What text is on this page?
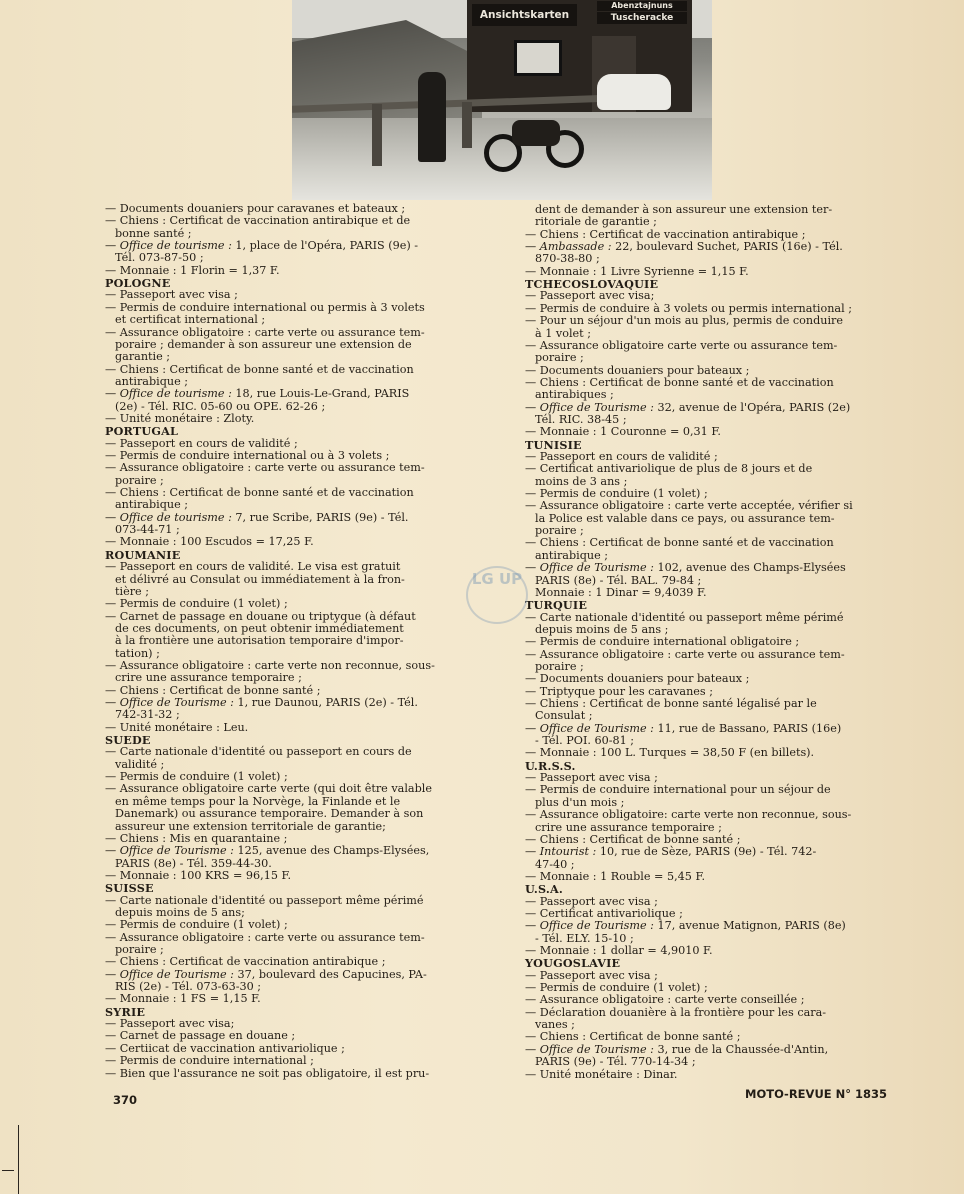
Ansichtskarten
Abenztajnuns
Tuscheracke
— Documents douaniers pour caravanes et bateaux ;
— Chiens : Certificat de vaccination antirabique et de
bonne santé ;
— Office de tourisme : 1, place de l'Opéra, PARIS (9e) -
Tél. 073-87-50 ;
— Monnaie : 1 Florin = 1,37 F.
POLOGNE
— Passeport avec visa ;
— Permis de conduire international ou permis à 3 volets
et certificat international ;
— Assurance obligatoire : carte verte ou assurance tem-
poraire ; demander à son assureur une extension de
garantie ;
— Chiens : Certificat de bonne santé et de vaccination
antirabique ;
— Office de tourisme : 18, rue Louis-Le-Grand, PARIS
(2e) - Tél. RIC. 05-60 ou OPE. 62-26 ;
— Unité monétaire : Zloty.
PORTUGAL
— Passeport en cours de validité ;
— Permis de conduire international ou à 3 volets ;
— Assurance obligatoire : carte verte ou assurance tem-
poraire ;
— Chiens : Certificat de bonne santé et de vaccination
antirabique ;
— Office de tourisme : 7, rue Scribe, PARIS (9e) - Tél.
073-44-71 ;
— Monnaie : 100 Escudos = 17,25 F.
ROUMANIE
— Passeport en cours de validité. Le visa est gratuit
et délivré au Consulat ou immédiatement à la fron-
tière ;
— Permis de conduire (1 volet) ;
— Carnet de passage en douane ou triptyque (à défaut
de ces documents, on peut obtenir immédiatement
à la frontière une autorisation temporaire d'impor-
tation) ;
— Assurance obligatoire : carte verte non reconnue, sous-
crire une assurance temporaire ;
— Chiens : Certificat de bonne santé ;
— Office de Tourisme : 1, rue Daunou, PARIS (2e) - Tél.
742-31-32 ;
— Unité monétaire : Leu.
SUEDE
— Carte nationale d'identité ou passeport en cours de
validité ;
— Permis de conduire (1 volet) ;
— Assurance obligatoire carte verte (qui doit être valable
en même temps pour la Norvège, la Finlande et le
Danemark) ou assurance temporaire. Demander à son
assureur une extension territoriale de garantie;
— Chiens : Mis en quarantaine ;
— Office de Tourisme : 125, avenue des Champs-Elysées,
PARIS (8e) - Tél. 359-44-30.
— Monnaie : 100 KRS = 96,15 F.
SUISSE
— Carte nationale d'identité ou passeport même périmé
depuis moins de 5 ans;
— Permis de conduire (1 volet) ;
— Assurance obligatoire : carte verte ou assurance tem-
poraire ;
— Chiens : Certificat de vaccination antirabique ;
— Office de Tourisme : 37, boulevard des Capucines, PA-
RIS (2e) - Tél. 073-63-30 ;
— Monnaie : 1 FS = 1,15 F.
SYRIE
— Passeport avec visa;
— Carnet de passage en douane ;
— Certiicat de vaccination antivariolique ;
— Permis de conduire international ;
— Bien que l'assurance ne soit pas obligatoire, il est pru-
dent de demander à son assureur une extension ter-
ritoriale de garantie ;
— Chiens : Certificat de vaccination antirabique ;
— Ambassade : 22, boulevard Suchet, PARIS (16e) - Tél.
870-38-80 ;
— Monnaie : 1 Livre Syrienne = 1,15 F.
TCHECOSLOVAQUIE
— Passeport avec visa;
— Permis de conduire à 3 volets ou permis international ;
— Pour un séjour d'un mois au plus, permis de conduire
à 1 volet ;
— Assurance obligatoire carte verte ou assurance tem-
poraire ;
— Documents douaniers pour bateaux ;
— Chiens : Certificat de bonne santé et de vaccination
antirabiques ;
— Office de Tourisme : 32, avenue de l'Opéra, PARIS (2e)
Tél. RIC. 38-45 ;
— Monnaie : 1 Couronne = 0,31 F.
TUNISIE
— Passeport en cours de validité ;
— Certificat antivariolique de plus de 8 jours et de
moins de 3 ans ;
— Permis de conduire (1 volet) ;
— Assurance obligatoire : carte verte acceptée, vérifier si
la Police est valable dans ce pays, ou assurance tem-
poraire ;
— Chiens : Certificat de bonne santé et de vaccination
antirabique ;
— Office de Tourisme : 102, avenue des Champs-Elysées
PARIS (8e) - Tél. BAL. 79-84 ;
Monnaie : 1 Dinar = 9,4039 F.
TURQUIE
— Carte nationale d'identité ou passeport même périmé
depuis moins de 5 ans ;
— Permis de conduire international obligatoire ;
— Assurance obligatoire : carte verte ou assurance tem-
poraire ;
— Documents douaniers pour bateaux ;
— Triptyque pour les caravanes ;
— Chiens : Certificat de bonne santé légalisé par le
Consulat ;
— Office de Tourisme : 11, rue de Bassano, PARIS (16e)
- Tél. POI. 60-81 ;
— Monnaie : 100 L. Turques = 38,50 F (en billets).
U.R.S.S.
— Passeport avec visa ;
— Permis de conduire international pour un séjour de
plus d'un mois ;
— Assurance obligatoire: carte verte non reconnue, sous-
crire une assurance temporaire ;
— Chiens : Certificat de bonne santé ;
— Intourist : 10, rue de Sèze, PARIS (9e) - Tél. 742-
47-40 ;
— Monnaie : 1 Rouble = 5,45 F.
U.S.A.
— Passeport avec visa ;
— Certificat antivariolique ;
— Office de Tourisme : 17, avenue Matignon, PARIS (8e)
- Tél. ELY. 15-10 ;
— Monnaie : 1 dollar = 4,9010 F.
YOUGOSLAVIE
— Passeport avec visa ;
— Permis de conduire (1 volet) ;
— Assurance obligatoire : carte verte conseillée ;
— Déclaration douanière à la frontière pour les cara-
vanes ;
— Chiens : Certificat de bonne santé ;
— Office de Tourisme : 3, rue de la Chaussée-d'Antin,
PARIS (9e) - Tél. 770-14-34 ;
— Unité monétaire : Dinar.
LG UP
370	MOTO-REVUE N° 1835
